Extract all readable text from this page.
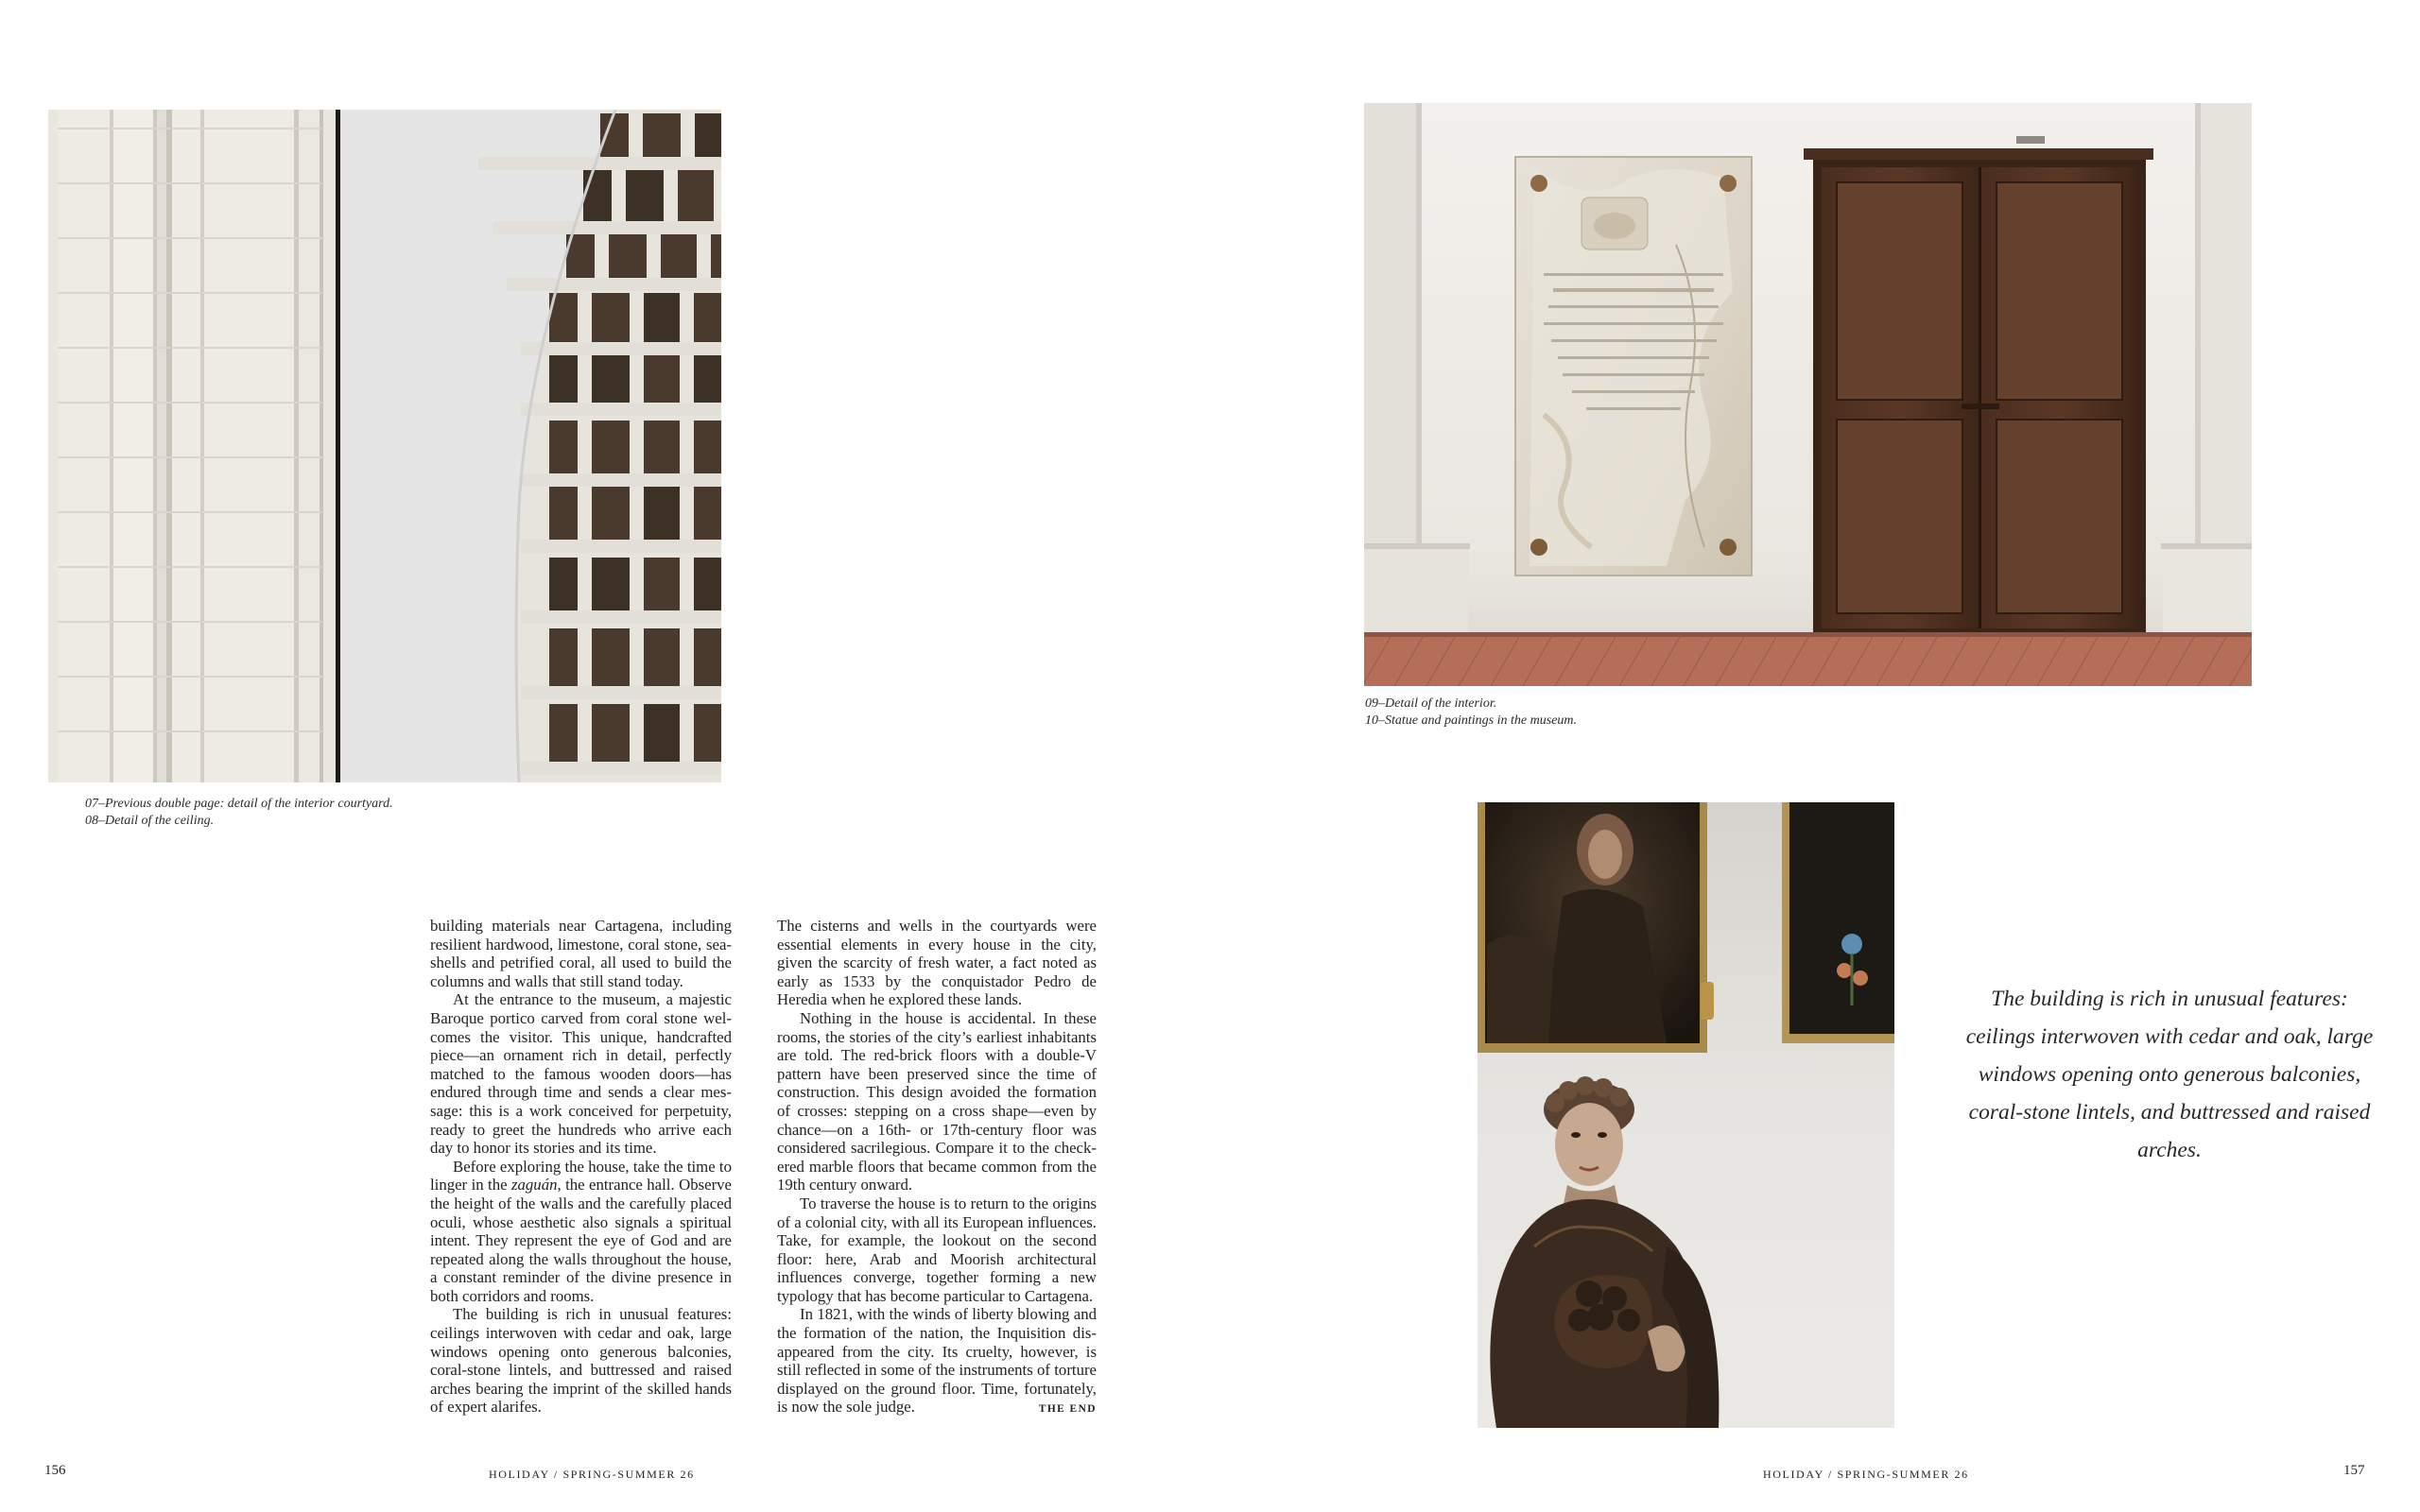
07–Previous double page: detail of the interior courtyard.
08–Detail of the ceiling.

building materials near Cartagena, including resilient hardwood, limestone, coral stone, seashells and petrified coral, all used to build the columns and walls that still stand today.

At the entrance to the museum, a majestic Baroque portico carved from coral stone welcomes the visitor. This unique, handcrafted piece—an ornament rich in detail, perfectly matched to the famous wooden doors—has endured through time and sends a clear message: this is a work conceived for perpetuity, ready to greet the hundreds who arrive each day to honor its stories and its time.

Before exploring the house, take the time to linger in the zaguán, the entrance hall. Observe the height of the walls and the carefully placed oculi, whose aesthetic also signals a spiritual intent. They represent the eye of God and are repeated along the walls throughout the house, a constant reminder of the divine presence in both corridors and rooms.

The building is rich in unusual features: ceilings interwoven with cedar and oak, large windows opening onto generous balconies, coral-stone lintels, and buttressed and raised arches bearing the imprint of the skilled hands of expert alarifes.

The cisterns and wells in the courtyards were essential elements in every house in the city, given the scarcity of fresh water, a fact noted as early as 1533 by the conquistador Pedro de Heredia when he explored these lands.

Nothing in the house is accidental. In these rooms, the stories of the city’s earliest inhabitants are told. The red-brick floors with a double-V pattern have been preserved since the time of construction. This design avoided the formation of crosses: stepping on a cross shape—even by chance—on a 16th- or 17th-century floor was considered sacrilegious. Compare it to the checkered marble floors that became common from the 19th century onward.

To traverse the house is to return to the origins of a colonial city, with all its European influences. Take, for example, the lookout on the second floor: here, Arab and Moorish architectural influences converge, together forming a new typology that has become particular to Cartagena.

In 1821, with the winds of liberty blowing and the formation of the nation, the Inquisition disappeared from the city. Its cruelty, however, is still reflected in some of the instruments of torture displayed on the ground floor. Time, fortunately, is now the sole judge.	THE END

156	HOLIDAY / SPRING-SUMMER 26
09–Detail of the interior.
10–Statue and paintings in the museum.
The building is rich in unusual features: ceilings interwoven with cedar and oak, large windows opening onto generous balconies, coral-stone lintels, and buttressed and raised arches.
HOLIDAY / SPRING-SUMMER 26	157
